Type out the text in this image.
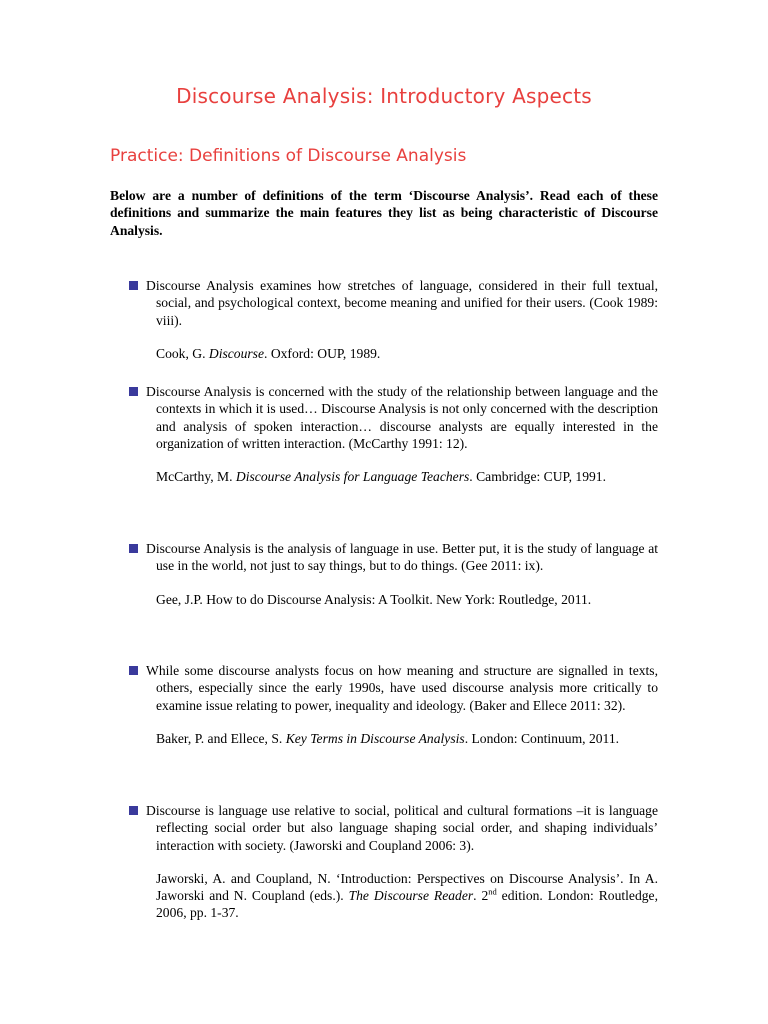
Discourse Analysis: Introductory Aspects
Practice: Definitions of Discourse Analysis
Below are a number of definitions of the term ‘Discourse Analysis’. Read each of these definitions and summarize the main features they list as being characteristic of Discourse Analysis.

Discourse Analysis examines how stretches of language, considered in their full textual, social, and psychological context, become meaning and unified for their users. (Cook 1989: viii).

Cook, G. Discourse. Oxford: OUP, 1989.

Discourse Analysis is concerned with the study of the relationship between language and the contexts in which it is used… Discourse Analysis is not only concerned with the description and analysis of spoken interaction… discourse analysts are equally interested in the organization of written interaction. (McCarthy 1991: 12).

McCarthy, M. Discourse Analysis for Language Teachers. Cambridge: CUP, 1991.

Discourse Analysis is the analysis of language in use. Better put, it is the study of language at use in the world, not just to say things, but to do things. (Gee 2011: ix).

Gee, J.P. How to do Discourse Analysis: A Toolkit. New York: Routledge, 2011.

While some discourse analysts focus on how meaning and structure are signalled in texts, others, especially since the early 1990s, have used discourse analysis more critically to examine issue relating to power, inequality and ideology. (Baker and Ellece 2011: 32).

Baker, P. and Ellece, S. Key Terms in Discourse Analysis. London: Continuum, 2011.

Discourse is language use relative to social, political and cultural formations –it is language reflecting social order but also language shaping social order, and shaping individuals’ interaction with society. (Jaworski and Coupland 2006: 3).

Jaworski, A. and Coupland, N. ‘Introduction: Perspectives on Discourse Analysis’. In A. Jaworski and N. Coupland (eds.). The Discourse Reader. 2nd edition. London: Routledge, 2006, pp. 1-37.
